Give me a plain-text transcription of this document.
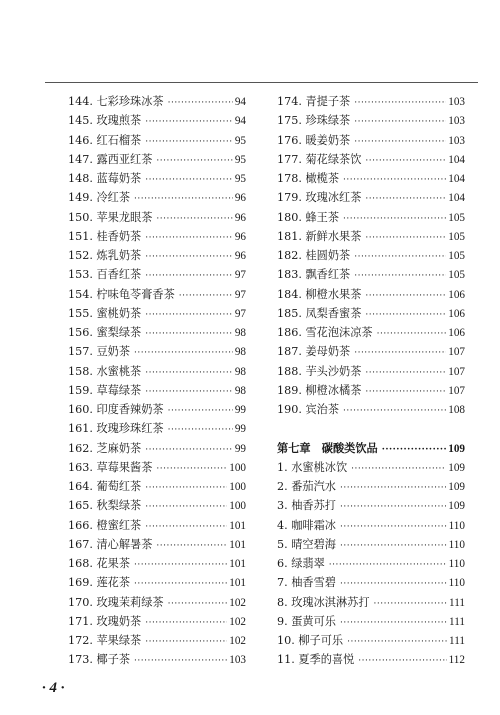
144. 七彩珍珠冰茶 ·····	94
145. 玫瑰煎茶 ·····	94
146. 红石榴茶 ·····	95
147. 露西亚红茶 ·····	95
148. 蓝莓奶茶 ·····	95
149. 冷红茶 ·····	96
150. 苹果龙眼茶 ·····	96
151. 桂香奶茶 ·····	96
152. 炼乳奶茶 ·····	96
153. 百香红茶 ·····	97
154. 柠味龟苓膏香茶 ·····	97
155. 蜜桃奶茶 ·····	97
156. 蜜梨绿茶 ·····	98
157. 豆奶茶 ·····	98
158. 水蜜桃茶 ·····	98
159. 草莓绿茶 ·····	98
160. 印度香辣奶茶 ·····	99
161. 玫瑰珍珠红茶 ·····	99
162. 芝麻奶茶 ·····	99
163. 草莓果酱茶 ·····	100
164. 葡萄红茶 ·····	100
165. 秋梨绿茶 ·····	100
166. 橙蜜红茶 ·····	101
167. 清心解暑茶 ·····	101
168. 花果茶 ·····	101
169. 莲花茶 ·····	101
170. 玫瑰茉莉绿茶 ·····	102
171. 玫瑰奶茶 ·····	102
172. 苹果绿茶 ·····	102
173. 椰子茶 ·····	103
174. 青提子茶 ·····	103
175. 珍珠绿茶 ·····	103
176. 暖姜奶茶 ·····	103
177. 菊花绿茶饮 ·····	104
178. 橄榄茶 ·····	104
179. 玫瑰冰红茶 ·····	104
180. 蜂王茶 ·····	105
181. 新鲜水果茶 ·····	105
182. 桂圆奶茶 ·····	105
183. 飘香红茶 ·····	105
184. 柳橙水果茶 ·····	106
185. 凤梨香蜜茶 ·····	106
186. 雪花泡沫凉茶 ·····	106
187. 姜母奶茶 ·····	107
188. 芋头沙奶茶 ·····	107
189. 柳橙冰橘茶 ·····	107
190. 宾治茶 ·····	108
第七章　碳酸类饮品 ·····	109
1. 水蜜桃冰饮 ·····	109
2. 番茄汽水 ·····	109
3. 柚香苏打 ·····	109
4. 咖啡霜冰 ·····	110
5. 晴空碧海 ·····	110
6. 绿翡翠 ·····	110
7. 柚香雪碧 ·····	110
8. 玫瑰冰淇淋苏打 ·····	111
9. 蛋黄可乐 ·····	111
10. 柳子可乐 ·····	111
11. 夏季的喜悦 ·····	112
· 4 ·
